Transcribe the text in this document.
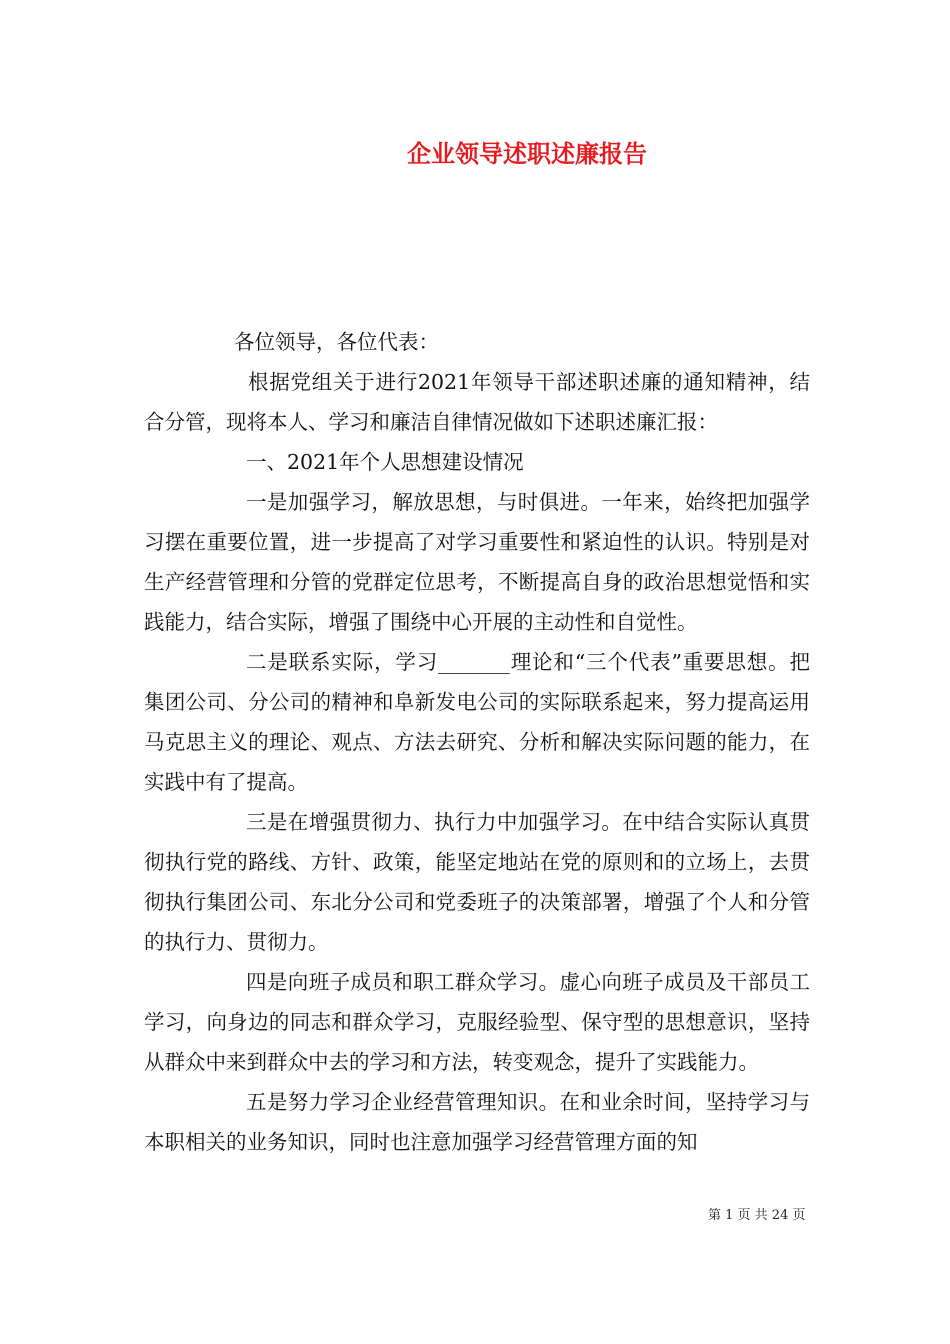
企业领导述职述廉报告
各位领导，各位代表：

根据党组关于进行2021年领导干部述职述廉的通知精神，结合分管，现将本人、学习和廉洁自律情况做如下述职述廉汇报：

一、2021年个人思想建设情况

一是加强学习，解放思想，与时俱进。一年来，始终把加强学习摆在重要位置，进一步提高了对学习重要性和紧迫性的认识。特别是对生产经营管理和分管的党群定位思考，不断提高自身的政治思想觉悟和实践能力，结合实际，增强了围绕中心开展的主动性和自觉性。

二是联系实际，学习_______理论和“三个代表”重要思想。把集团公司、分公司的精神和阜新发电公司的实际联系起来，努力提高运用马克思主义的理论、观点、方法去研究、分析和解决实际问题的能力，在实践中有了提高。

三是在增强贯彻力、执行力中加强学习。在中结合实际认真贯彻执行党的路线、方针、政策，能坚定地站在党的原则和的立场上，去贯彻执行集团公司、东北分公司和党委班子的决策部署，增强了个人和分管的执行力、贯彻力。

四是向班子成员和职工群众学习。虚心向班子成员及干部员工学习，向身边的同志和群众学习，克服经验型、保守型的思想意识，坚持从群众中来到群众中去的学习和方法，转变观念，提升了实践能力。

五是努力学习企业经营管理知识。在和业余时间，坚持学习与本职相关的业务知识，同时也注意加强学习经营管理方面的知

第 1 页 共 24 页
